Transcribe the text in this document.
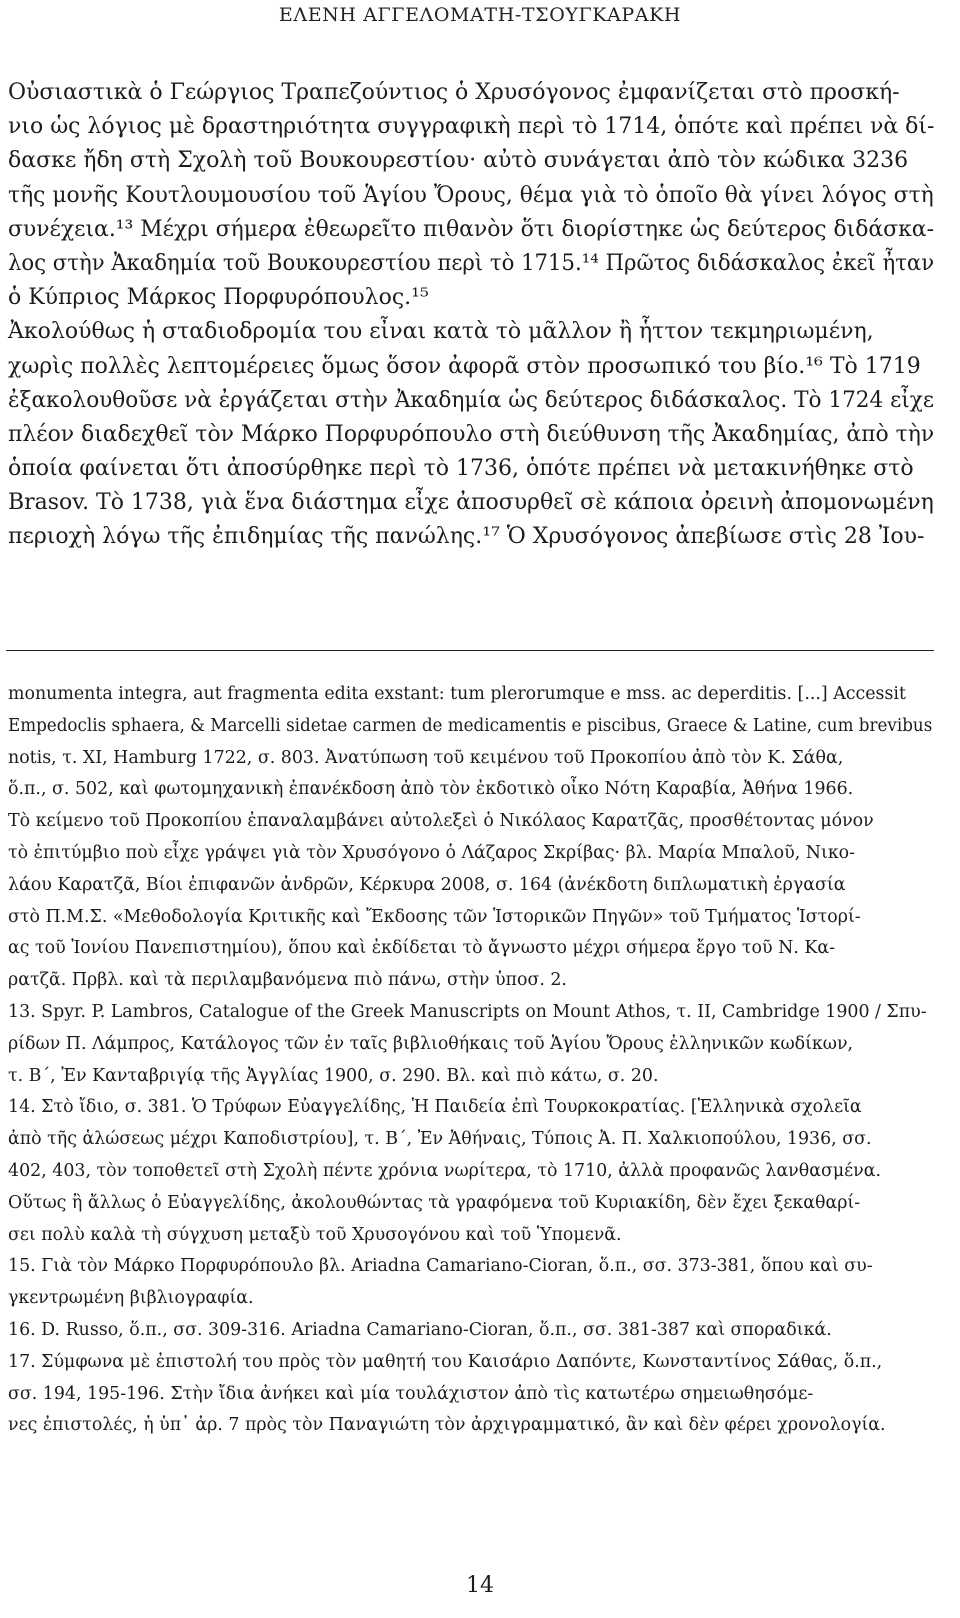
ΕΛΕΝΗ ΑΓΓΕΛΟΜΑΤΗ-ΤΣΟΥΓΚΑΡΑΚΗ
Οὐσιαστικὰ ὁ Γεώργιος Τραπεζούντιος ὁ Χρυσόγονος ἐμφανίζεται στὸ προσκή-
νιο ὡς λόγιος μὲ δραστηριότητα συγγραφικὴ περὶ τὸ 1714, ὁπότε καὶ πρέπει νὰ δί-
δασκε ἤδη στὴ Σχολὴ τοῦ Βουκουρεστίου· αὐτὸ συνάγεται ἀπὸ τὸν κώδικα 3236
τῆς μονῆς Κουτλουμουσίου τοῦ Ἁγίου Ὄρους, θέμα γιὰ τὸ ὁποῖο θὰ γίνει λόγος στὴ
συνέχεια.¹³ Μέχρι σήμερα ἐθεωρεῖτο πιθανὸν ὅτι διορίστηκε ὡς δεύτερος διδάσκα-
λος στὴν Ἀκαδημία τοῦ Βουκουρεστίου περὶ τὸ 1715.¹⁴ Πρῶτος διδάσκαλος ἐκεῖ ἦταν
ὁ Κύπριος Μάρκος Πορφυρόπουλος.¹⁵
Ἀκολούθως ἡ σταδιοδρομία του εἶναι κατὰ τὸ μᾶλλον ἢ ἧττον τεκμηριωμένη,
χωρὶς πολλὲς λεπτομέρειες ὅμως ὅσον ἀφορᾶ στὸν προσωπικό του βίο.¹⁶ Τὸ 1719
ἐξακολουθοῦσε νὰ ἐργάζεται στὴν Ἀκαδημία ὡς δεύτερος διδάσκαλος. Τὸ 1724 εἶχε
πλέον διαδεχθεῖ τὸν Μάρκο Πορφυρόπουλο στὴ διεύθυνση τῆς Ἀκαδημίας, ἀπὸ τὴν
ὁποία φαίνεται ὅτι ἀποσύρθηκε περὶ τὸ 1736, ὁπότε πρέπει νὰ μετακινήθηκε στὸ
Brasov. Τὸ 1738, γιὰ ἕνα διάστημα εἶχε ἀποσυρθεῖ σὲ κάποια ὀρεινὴ ἀπομονωμένη
περιοχὴ λόγω τῆς ἐπιδημίας τῆς πανώλης.¹⁷ Ὁ Χρυσόγονος ἀπεβίωσε στὶς 28 Ἰου-
monumenta integra, aut fragmenta edita exstant: tum plerorumque e mss. ac deperditis. [...] Accessit
Empedoclis sphaera, & Marcelli sidetae carmen de medicamentis e piscibus, Graece & Latine, cum brevibus
notis, τ. XI, Hamburg 1722, σ. 803. Ἀνατύπωση τοῦ κειμένου τοῦ Προκοπίου ἀπὸ τὸν Κ. Σάθα,
ὅ.π., σ. 502, καὶ φωτομηχανικὴ ἐπανέκδοση ἀπὸ τὸν ἐκδοτικὸ οἶκο Νότη Καραβία, Ἀθήνα 1966.
Τὸ κείμενο τοῦ Προκοπίου ἐπαναλαμβάνει αὐτολεξεὶ ὁ Νικόλαος Καρατζᾶς, προσθέτοντας μόνον
τὸ ἐπιτύμβιο ποὺ εἶχε γράψει γιὰ τὸν Χρυσόγονο ὁ Λάζαρος Σκρίβας· βλ. Μαρία Μπαλοῦ, Νικο-
λάου Καρατζᾶ, Βίοι ἐπιφανῶν ἀνδρῶν, Κέρκυρα 2008, σ. 164 (ἀνέκδοτη διπλωματικὴ ἐργασία
στὸ Π.Μ.Σ. «Μεθοδολογία Κριτικῆς καὶ Ἔκδοσης τῶν Ἱστορικῶν Πηγῶν» τοῦ Τμήματος Ἱστορί-
ας τοῦ Ἰονίου Πανεπιστημίου), ὅπου καὶ ἐκδίδεται τὸ ἄγνωστο μέχρι σήμερα ἔργο τοῦ Ν. Κα-
ρατζᾶ. Πρβλ. καὶ τὰ περιλαμβανόμενα πιὸ πάνω, στὴν ὑποσ. 2.
13. Spyr. P. Lambros, Catalogue of the Greek Manuscripts on Mount Athos, τ. II, Cambridge 1900 / Σπυ-
ρίδων Π. Λάμπρος, Κατάλογος τῶν ἐν ταῖς βιβλιοθήκαις τοῦ Ἁγίου Ὄρους ἑλληνικῶν κωδίκων,
τ. Β΄, Ἐν Κανταβριγίᾳ τῆς Ἀγγλίας 1900, σ. 290. Βλ. καὶ πιὸ κάτω, σ. 20.
14. Στὸ ἴδιο, σ. 381. Ὁ Τρύφων Εὐαγγελίδης, Ἡ Παιδεία ἐπὶ Τουρκοκρατίας. [Ἑλληνικὰ σχολεῖα
ἀπὸ τῆς ἁλώσεως μέχρι Καποδιστρίου], τ. Β΄, Ἐν Ἀθήναις, Τύποις Ἀ. Π. Χαλκιοπούλου, 1936, σσ.
402, 403, τὸν τοποθετεῖ στὴ Σχολὴ πέντε χρόνια νωρίτερα, τὸ 1710, ἀλλὰ προφανῶς λανθασμένα.
Οὕτως ἢ ἄλλως ὁ Εὐαγγελίδης, ἀκολουθώντας τὰ γραφόμενα τοῦ Κυριακίδη, δὲν ἔχει ξεκαθαρί-
σει πολὺ καλὰ τὴ σύγχυση μεταξὺ τοῦ Χρυσογόνου καὶ τοῦ Ὑπομενᾶ.
15. Γιὰ τὸν Μάρκο Πορφυρόπουλο βλ. Ariadna Camariano-Cioran, ὅ.π., σσ. 373-381, ὅπου καὶ συ-
γκεντρωμένη βιβλιογραφία.
16. D. Russo, ὅ.π., σσ. 309-316. Ariadna Camariano-Cioran, ὅ.π., σσ. 381-387 καὶ σποραδικά.
17. Σύμφωνα μὲ ἐπιστολή του πρὸς τὸν μαθητή του Καισάριο Δαπόντε, Κωνσταντίνος Σάθας, ὅ.π.,
σσ. 194, 195-196. Στὴν ἴδια ἀνήκει καὶ μία τουλάχιστον ἀπὸ τὶς κατωτέρω σημειωθησόμε-
νες ἐπιστολές, ἡ ὑπ᾽ ἀρ. 7 πρὸς τὸν Παναγιώτη τὸν ἀρχιγραμματικό, ἂν καὶ δὲν φέρει χρονολογία.
14
